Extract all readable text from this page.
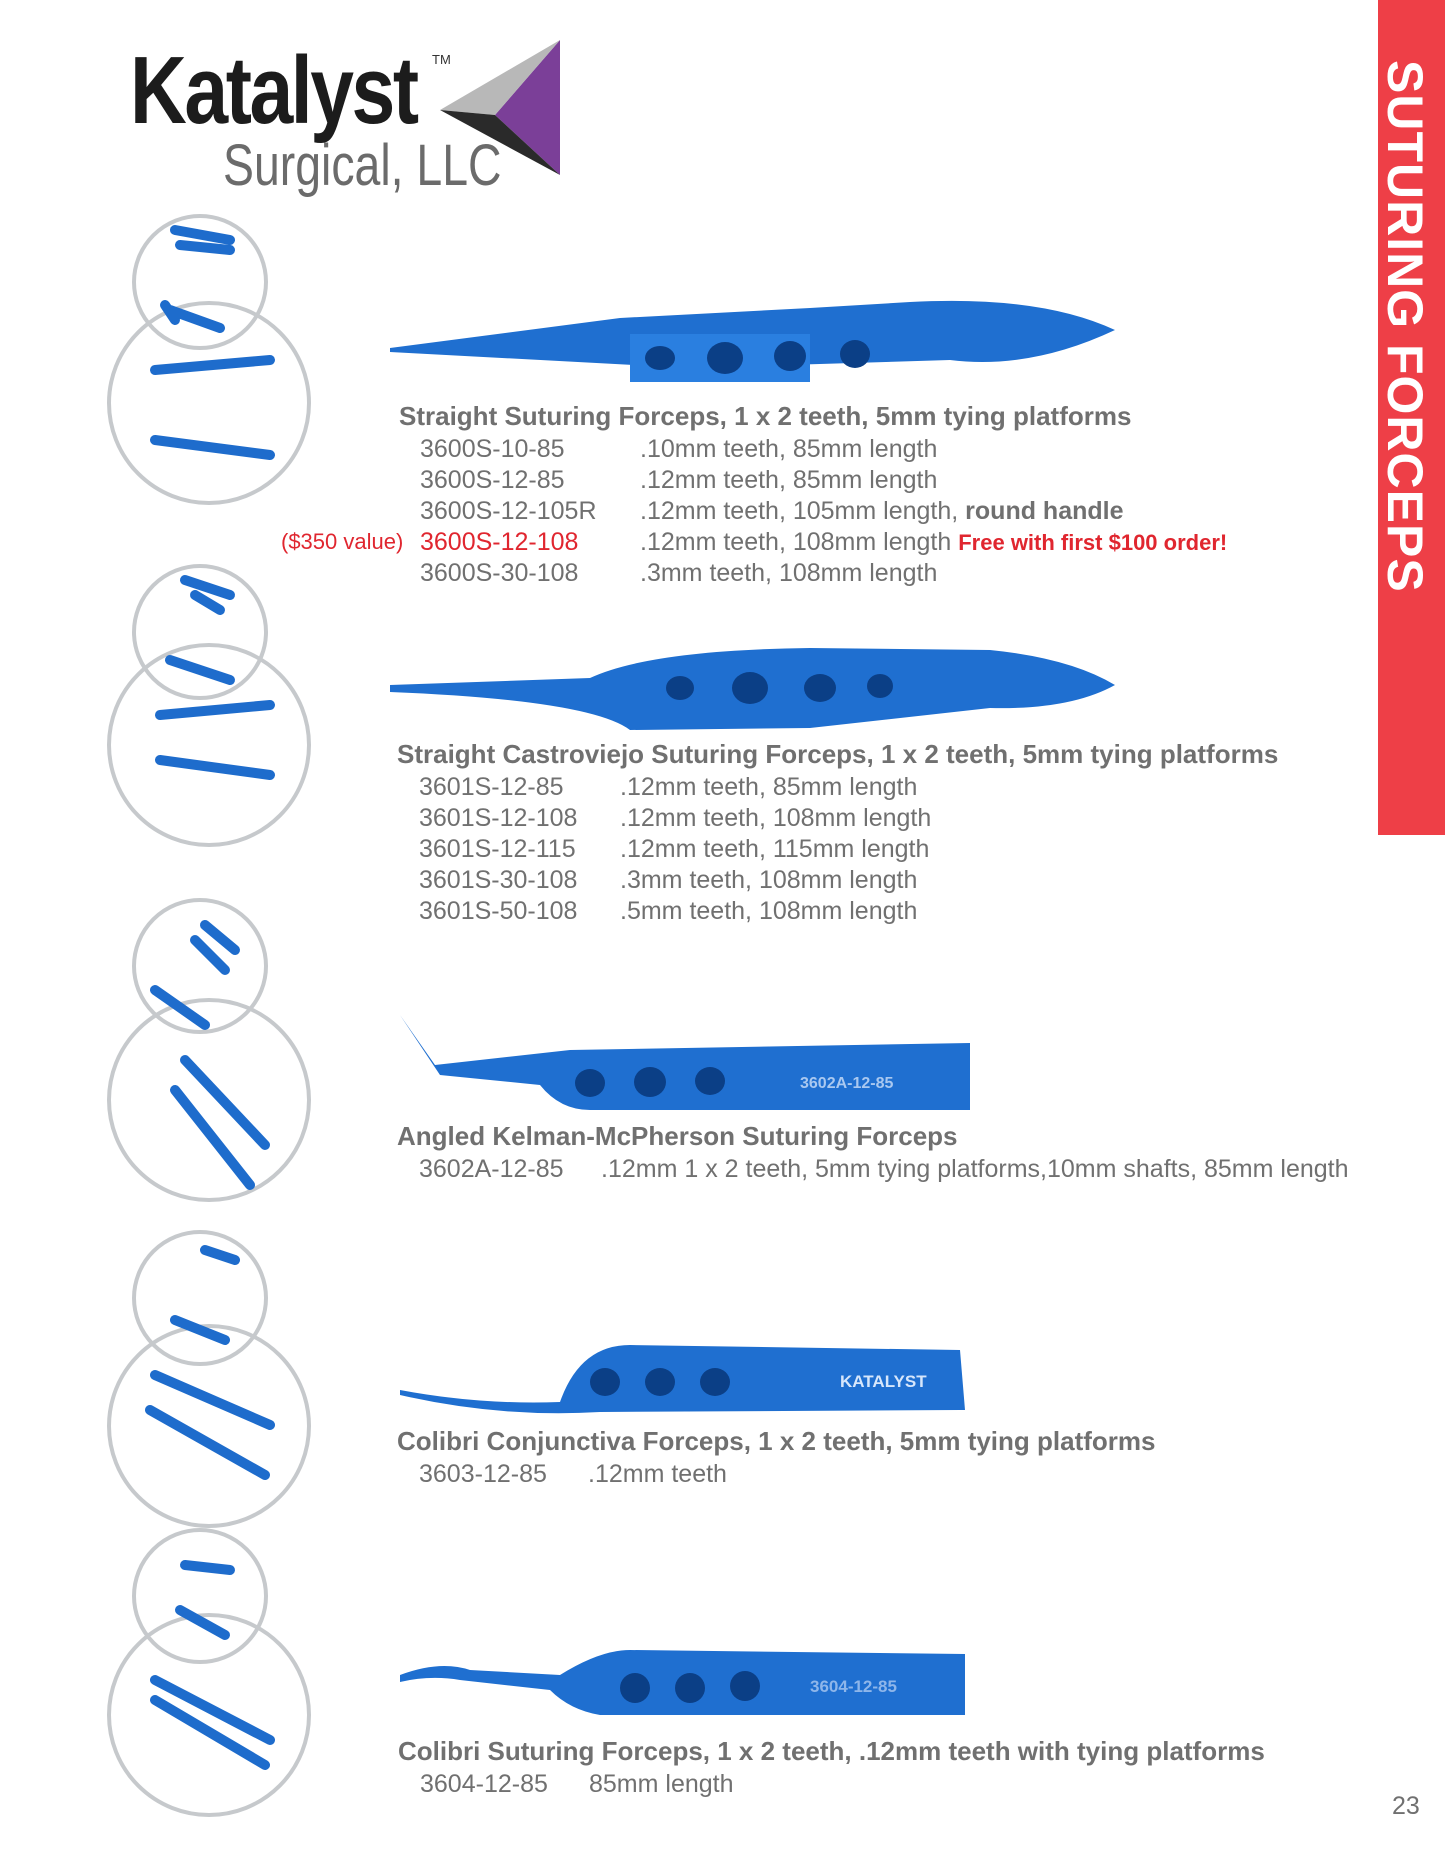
Katalyst TM
Surgical, LLC	SUTURING FORCEPS
3602A-12-85
KATALYST
3604-12-85
Straight Suturing Forceps, 1 x 2 teeth, 5mm tying platforms
3600S-10-85	.10mm teeth, 85mm length
3600S-12-85	.12mm teeth, 85mm length
3600S-12-105R .12mm teeth, 105mm length, round handle
($350 value) 3600S-12-108 .12mm teeth, 108mm length Free with first $100 order!
3600S-30-108 .3mm teeth, 108mm length
Straight Castroviejo Suturing Forceps, 1 x 2 teeth, 5mm tying platforms
3601S-12-85 .12mm teeth, 85mm length
3601S-12-108 .12mm teeth, 108mm length
3601S-12-115 .12mm teeth, 115mm length
3601S-30-108 .3mm teeth, 108mm length
3601S-50-108 .5mm teeth, 108mm length
Angled Kelman-McPherson Suturing Forceps
3602A-12-85 .12mm 1 x 2 teeth, 5mm tying platforms,10mm shafts, 85mm length
Colibri Conjunctiva Forceps, 1 x 2 teeth, 5mm tying platforms
3603-12-85 .12mm teeth
Colibri Suturing Forceps, 1 x 2 teeth, .12mm teeth with tying platforms
3604-12-85 85mm length
23
